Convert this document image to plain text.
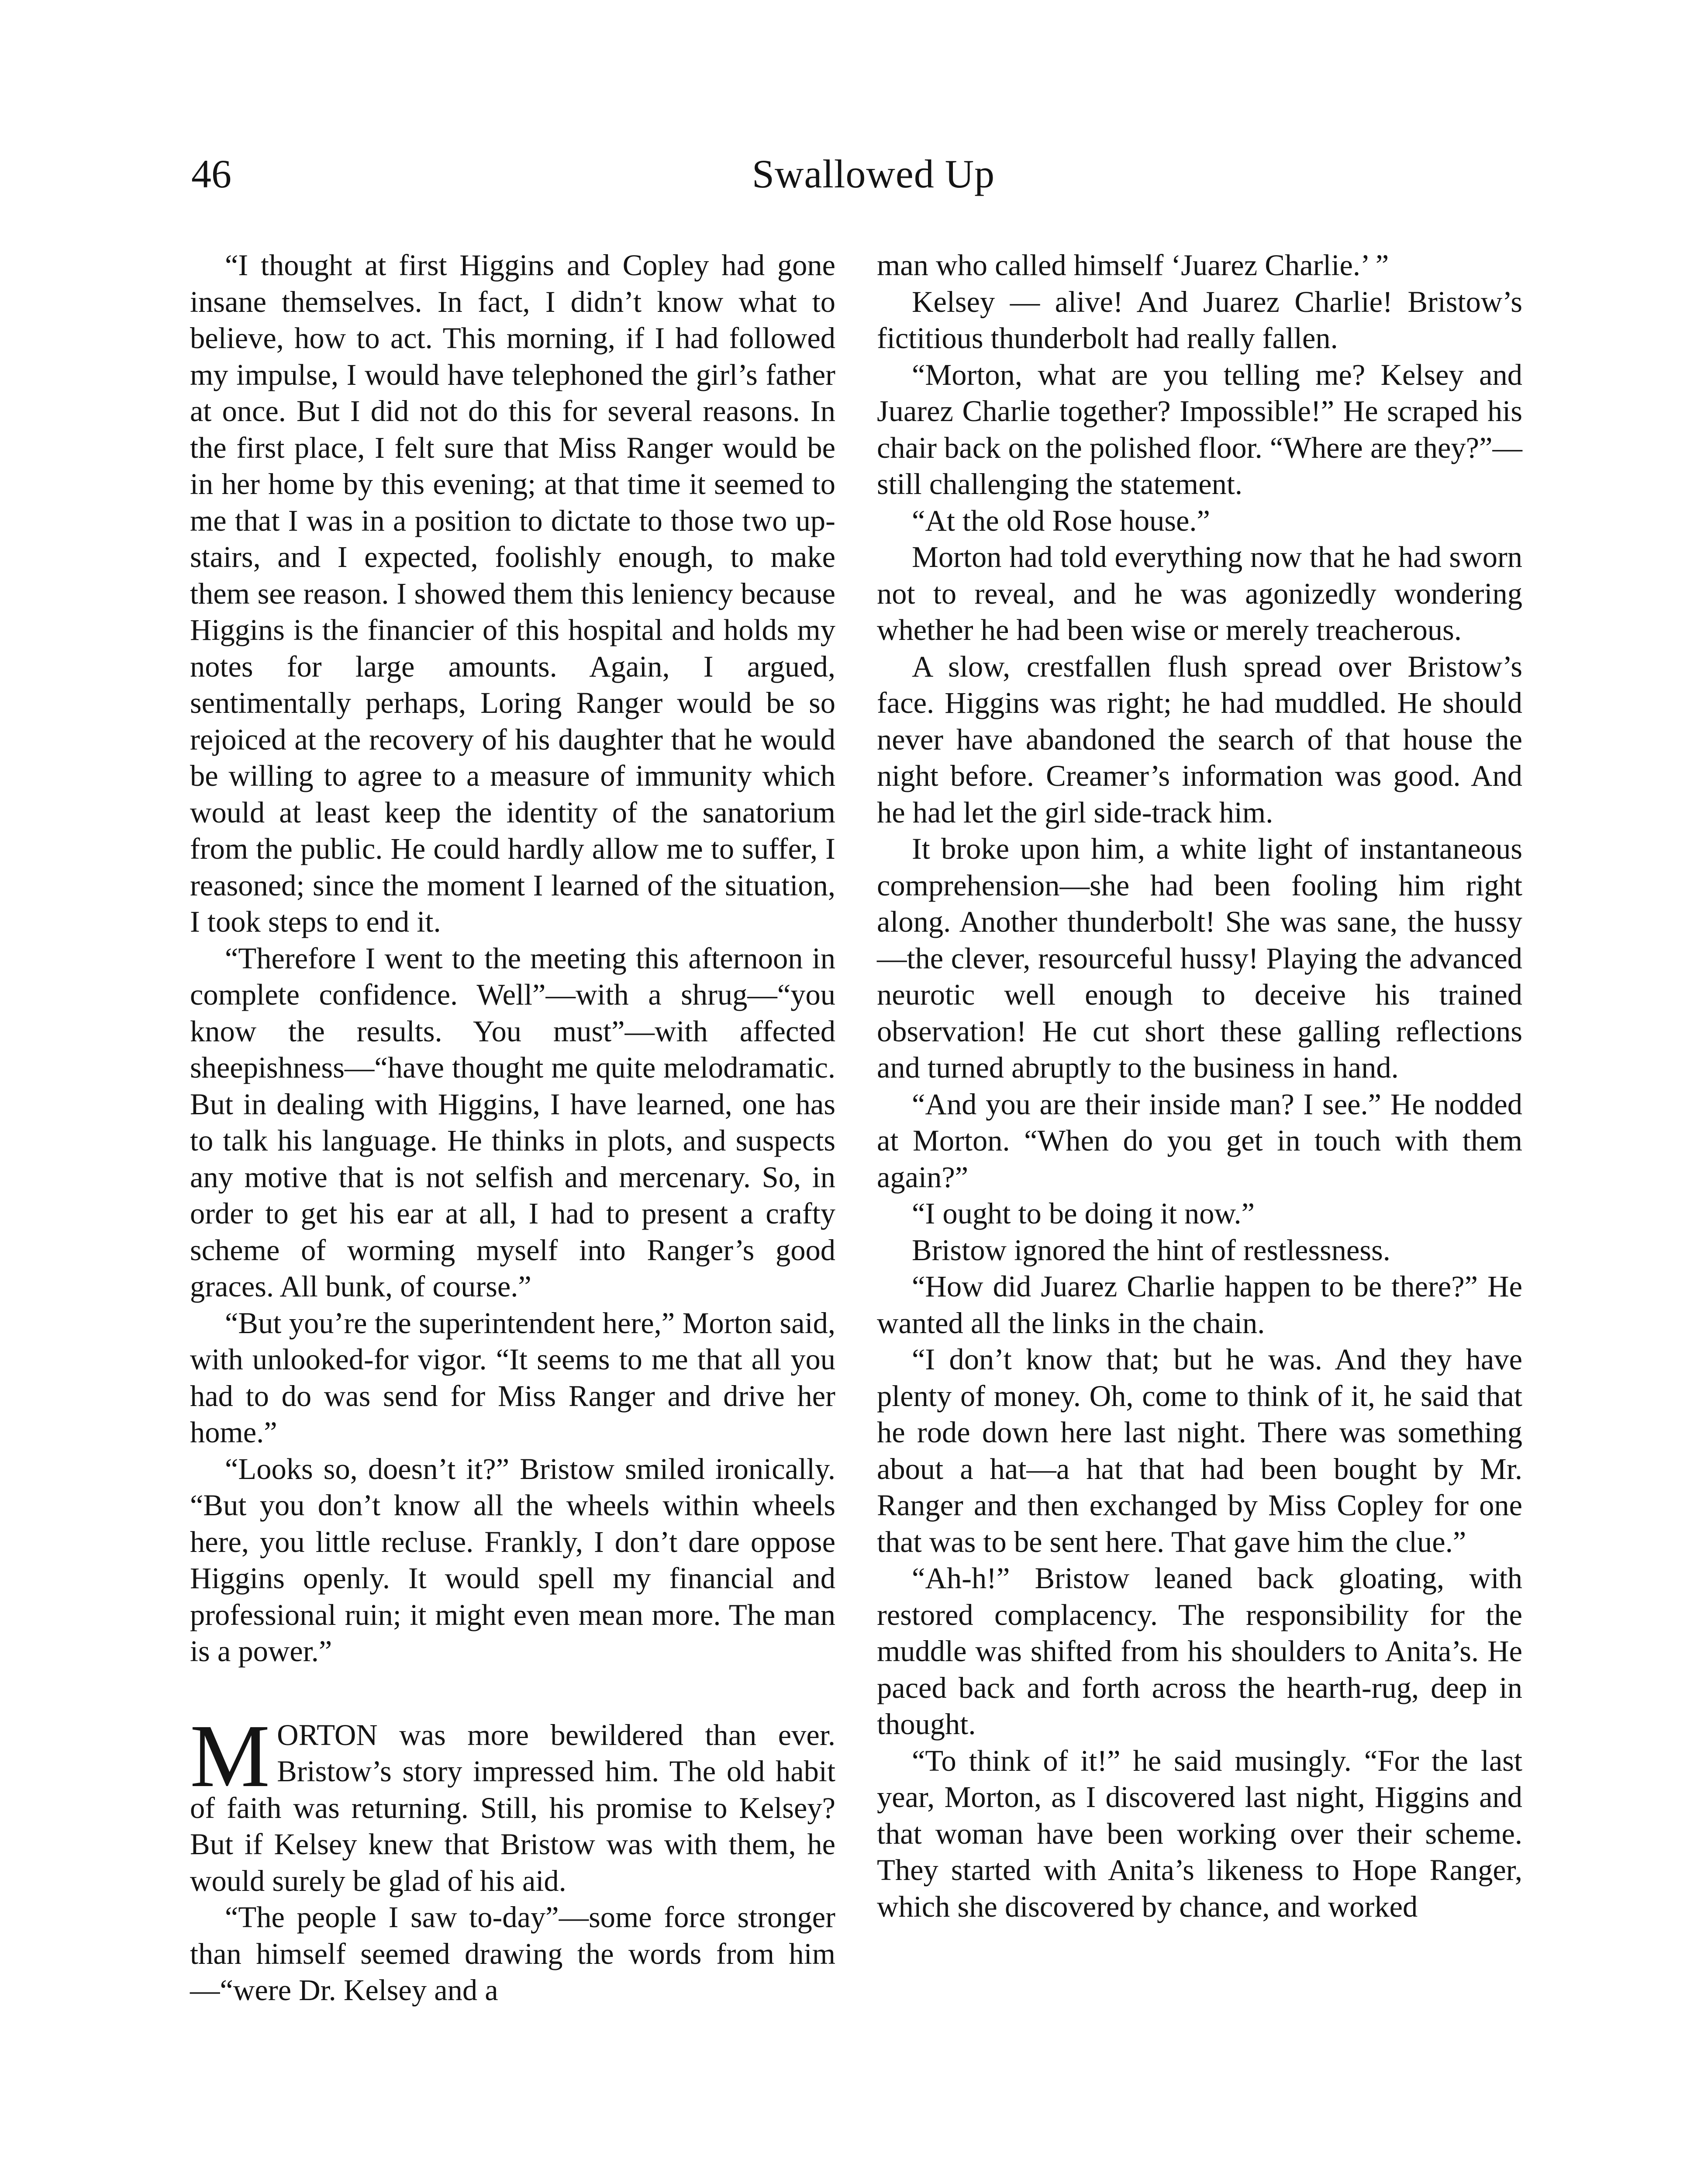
46	Swallowed Up

“I thought at first Higgins and Copley had gone insane themselves. In fact, I didn’t know what to believe, how to act. This morning, if I had followed my impulse, I would have telephoned the girl’s father at once. But I did not do this for several reasons. In the first place, I felt sure that Miss Ranger would be in her home by this evening; at that time it seemed to me that I was in a position to dictate to those two up-stairs, and I expected, foolishly enough, to make them see reason. I showed them this leniency because Higgins is the financier of this hospital and holds my notes for large amounts. Again, I argued, sentimentally perhaps, Loring Ranger would be so rejoiced at the recovery of his daughter that he would be willing to agree to a measure of immunity which would at least keep the identity of the sanatorium from the public. He could hardly allow me to suffer, I reasoned; since the moment I learned of the situation, I took steps to end it.

“Therefore I went to the meeting this afternoon in complete confidence. Well”—with a shrug—“you know the results. You must”—with affected sheepishness—“have thought me quite melodramatic. But in dealing with Higgins, I have learned, one has to talk his language. He thinks in plots, and suspects any motive that is not selfish and mercenary. So, in order to get his ear at all, I had to present a crafty scheme of worming myself into Ranger’s good graces. All bunk, of course.”

“But you’re the superintendent here,” Morton said, with unlooked-for vigor. “It seems to me that all you had to do was send for Miss Ranger and drive her home.”

“Looks so, doesn’t it?” Bristow smiled ironically. “But you don’t know all the wheels within wheels here, you little recluse. Frankly, I don’t dare oppose Higgins openly. It would spell my financial and professional ruin; it might even mean more. The man is a power.”

MORTON was more bewildered than ever. Bristow’s story impressed him. The old habit of faith was returning. Still, his promise to Kelsey? But if Kelsey knew that Bristow was with them, he would surely be glad of his aid.

“The people I saw to-day”—some force stronger than himself seemed drawing the words from him—“were Dr. Kelsey and a

man who called himself ‘Juarez Charlie.’ ”

Kelsey — alive! And Juarez Charlie! Bristow’s fictitious thunderbolt had really fallen.

“Morton, what are you telling me? Kelsey and Juarez Charlie together? Impossible!” He scraped his chair back on the polished floor. “Where are they?”—still challenging the statement.

“At the old Rose house.”

Morton had told everything now that he had sworn not to reveal, and he was agonizedly wondering whether he had been wise or merely treacherous.

A slow, crestfallen flush spread over Bristow’s face. Higgins was right; he had muddled. He should never have abandoned the search of that house the night before. Creamer’s information was good. And he had let the girl side-track him.

It broke upon him, a white light of instantaneous comprehension—she had been fooling him right along. Another thunderbolt! She was sane, the hussy—the clever, resourceful hussy! Playing the advanced neurotic well enough to deceive his trained observation! He cut short these galling reflections and turned abruptly to the business in hand.

“And you are their inside man? I see.” He nodded at Morton. “When do you get in touch with them again?”

“I ought to be doing it now.”

Bristow ignored the hint of restlessness.

“How did Juarez Charlie happen to be there?” He wanted all the links in the chain.

“I don’t know that; but he was. And they have plenty of money. Oh, come to think of it, he said that he rode down here last night. There was something about a hat—a hat that had been bought by Mr. Ranger and then exchanged by Miss Copley for one that was to be sent here. That gave him the clue.”

“Ah-h!” Bristow leaned back gloating, with restored complacency. The responsibility for the muddle was shifted from his shoulders to Anita’s. He paced back and forth across the hearth-rug, deep in thought.

“To think of it!” he said musingly. “For the last year, Morton, as I discovered last night, Higgins and that woman have been working over their scheme. They started with Anita’s likeness to Hope Ranger, which she discovered by chance, and worked
